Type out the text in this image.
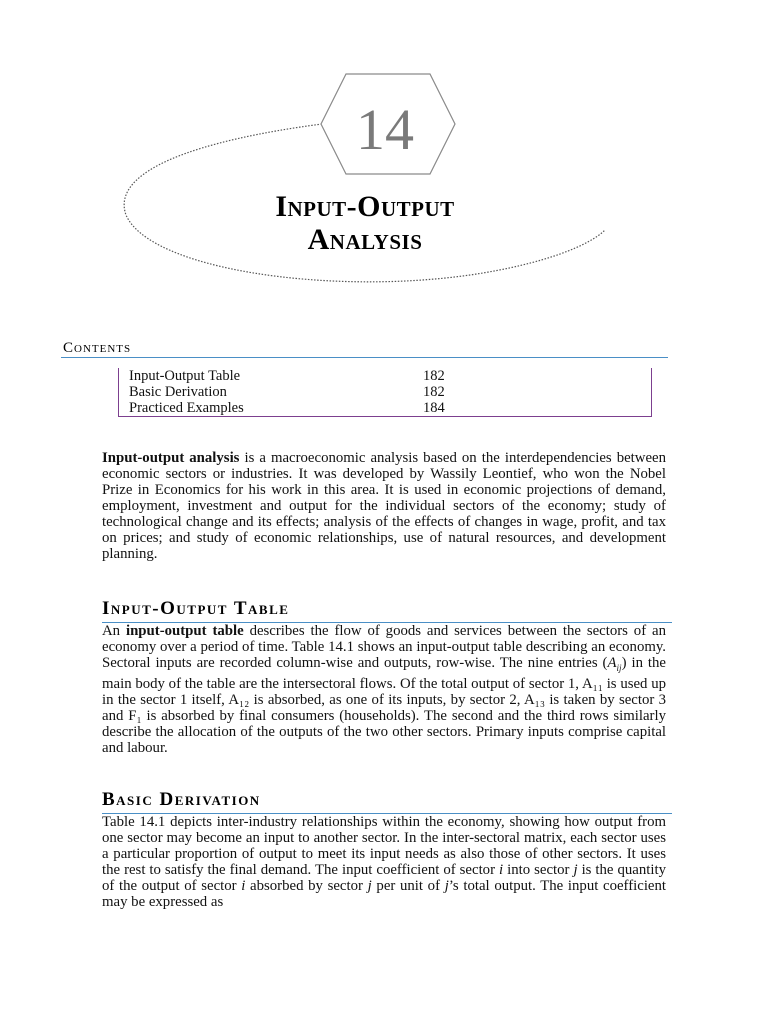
14
Input-Output
Analysis
Contents
Input-Output Table	182
Basic Derivation	182
Practiced Examples	184
Input-output analysis is a macroeconomic analysis based on the interdependencies between economic sectors or industries. It was developed by Wassily Leontief, who won the Nobel Prize in Economics for his work in this area. It is used in economic projections of demand, employment, investment and output for the individual sectors of the economy; study of technological change and its effects; analysis of the effects of changes in wage, profit, and tax on prices; and study of economic relationships, use of natural resources, and development planning.
Input-Output Table
An input-output table describes the flow of goods and services between the sectors of an economy over a period of time. Table 14.1 shows an input-output table describing an economy. Sectoral inputs are recorded column-wise and outputs, row-wise. The nine entries $(A_{ij})$ in the main body of the table are the intersectoral flows. Of the total output of sector 1, A₁₁ is used up in the sector 1 itself, A₁₂ is absorbed, as one of its inputs, by sector 2, A₁₃ is taken by sector 3 and F₁ is absorbed by final consumers (households). The second and the third rows similarly describe the allocation of the outputs of the two other sectors. Primary inputs comprise capital and labour.
Basic Derivation
Table 14.1 depicts inter-industry relationships within the economy, showing how output from one sector may become an input to another sector. In the inter-sectoral matrix, each sector uses a particular proportion of output to meet its input needs as also those of other sectors. It uses the rest to satisfy the final demand. The input coefficient of sector i into sector j is the quantity of the output of sector i absorbed by sector j per unit of j’s total output. The input coefficient may be expressed as
